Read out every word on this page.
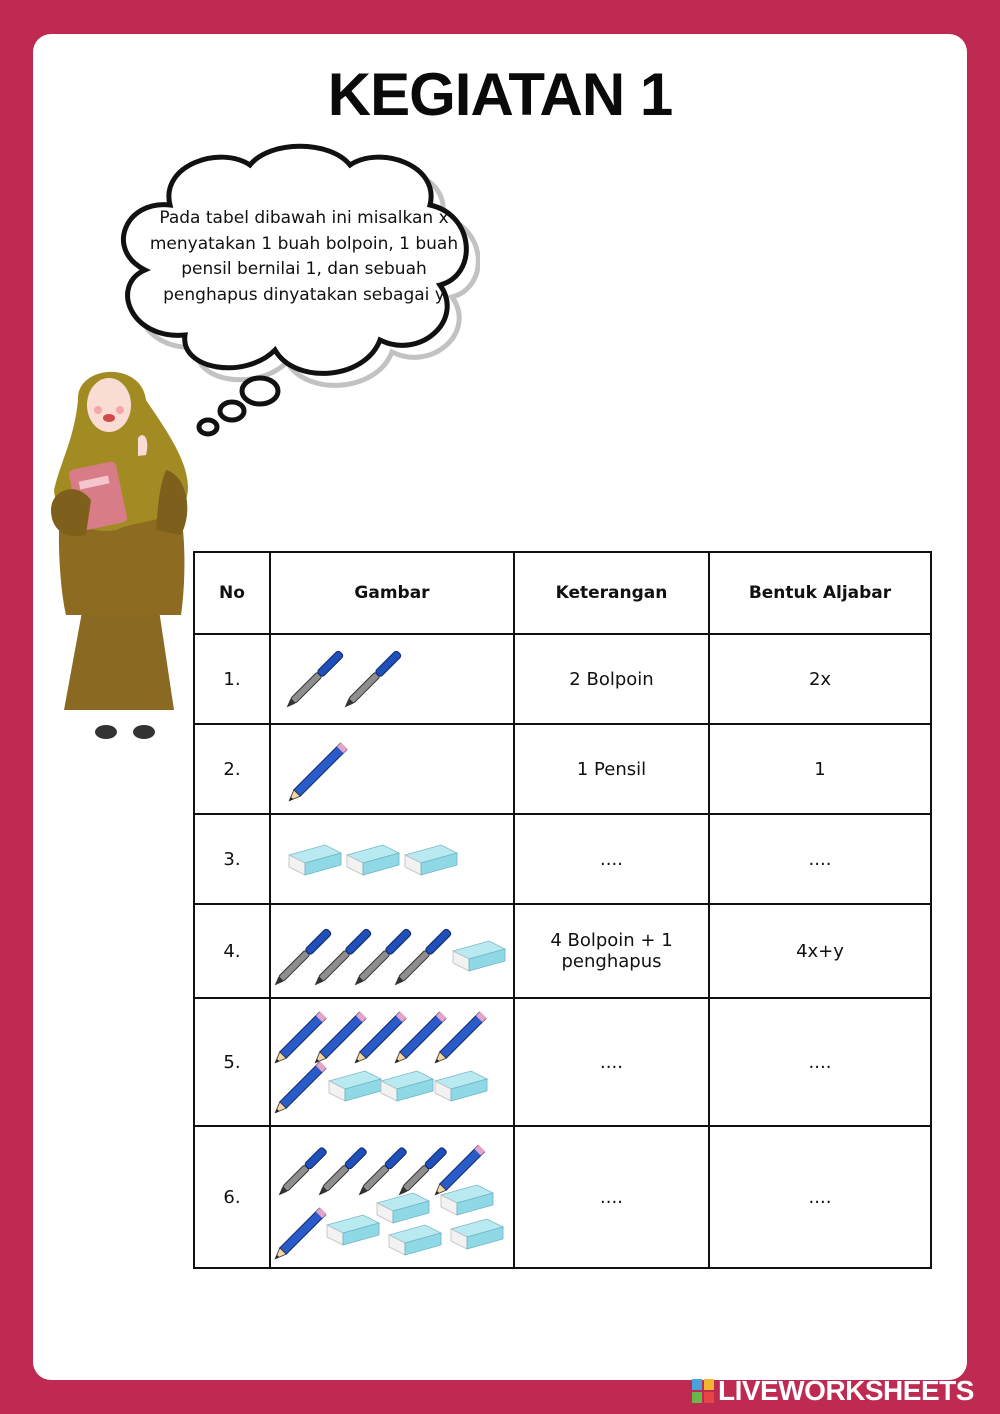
KEGIATAN 1
Pada tabel dibawah ini misalkan x menyatakan 1 buah bolpoin, 1 buah pensil bernilai 1, dan sebuah penghapus dinyatakan sebagai y
No	Gambar	Keterangan	Bentuk Aljabar
1.		2 Bolpoin	2x
2.		1 Pensil	1
3.		....	....
4.		4 Bolpoin + 1 penghapus	4x+y
5.		....	....
6.		....	....
LIVEWORKSHEETS
